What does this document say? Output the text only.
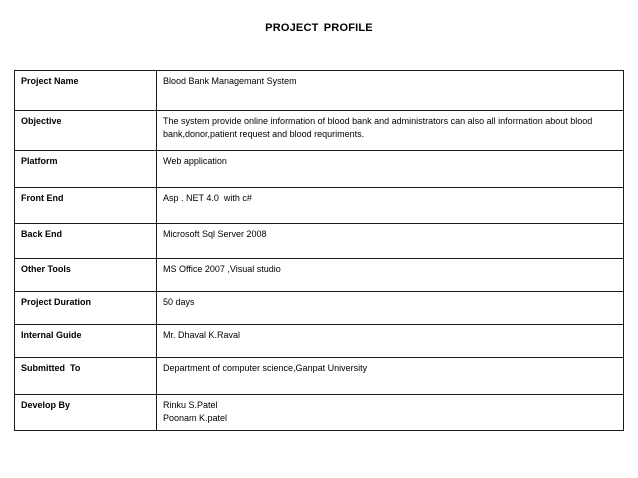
PROJECT PROFILE
Project Name	Blood Bank Managemant System
Objective	The system provide online information of blood bank and administrators can also all information about blood bank,donor,patient request and blood requriments.

Platform	Web application
Front End	Asp . NET 4.0  with c#
Back End	Microsoft Sql Server 2008
Other Tools	MS Office 2007 ,Visual studio
Project Duration	50 days
Internal Guide	Mr. Dhaval K.Raval
Submitted  To	Department of computer science,Ganpat University
Develop By	Rinku S.Patel
Poonam K.patel
